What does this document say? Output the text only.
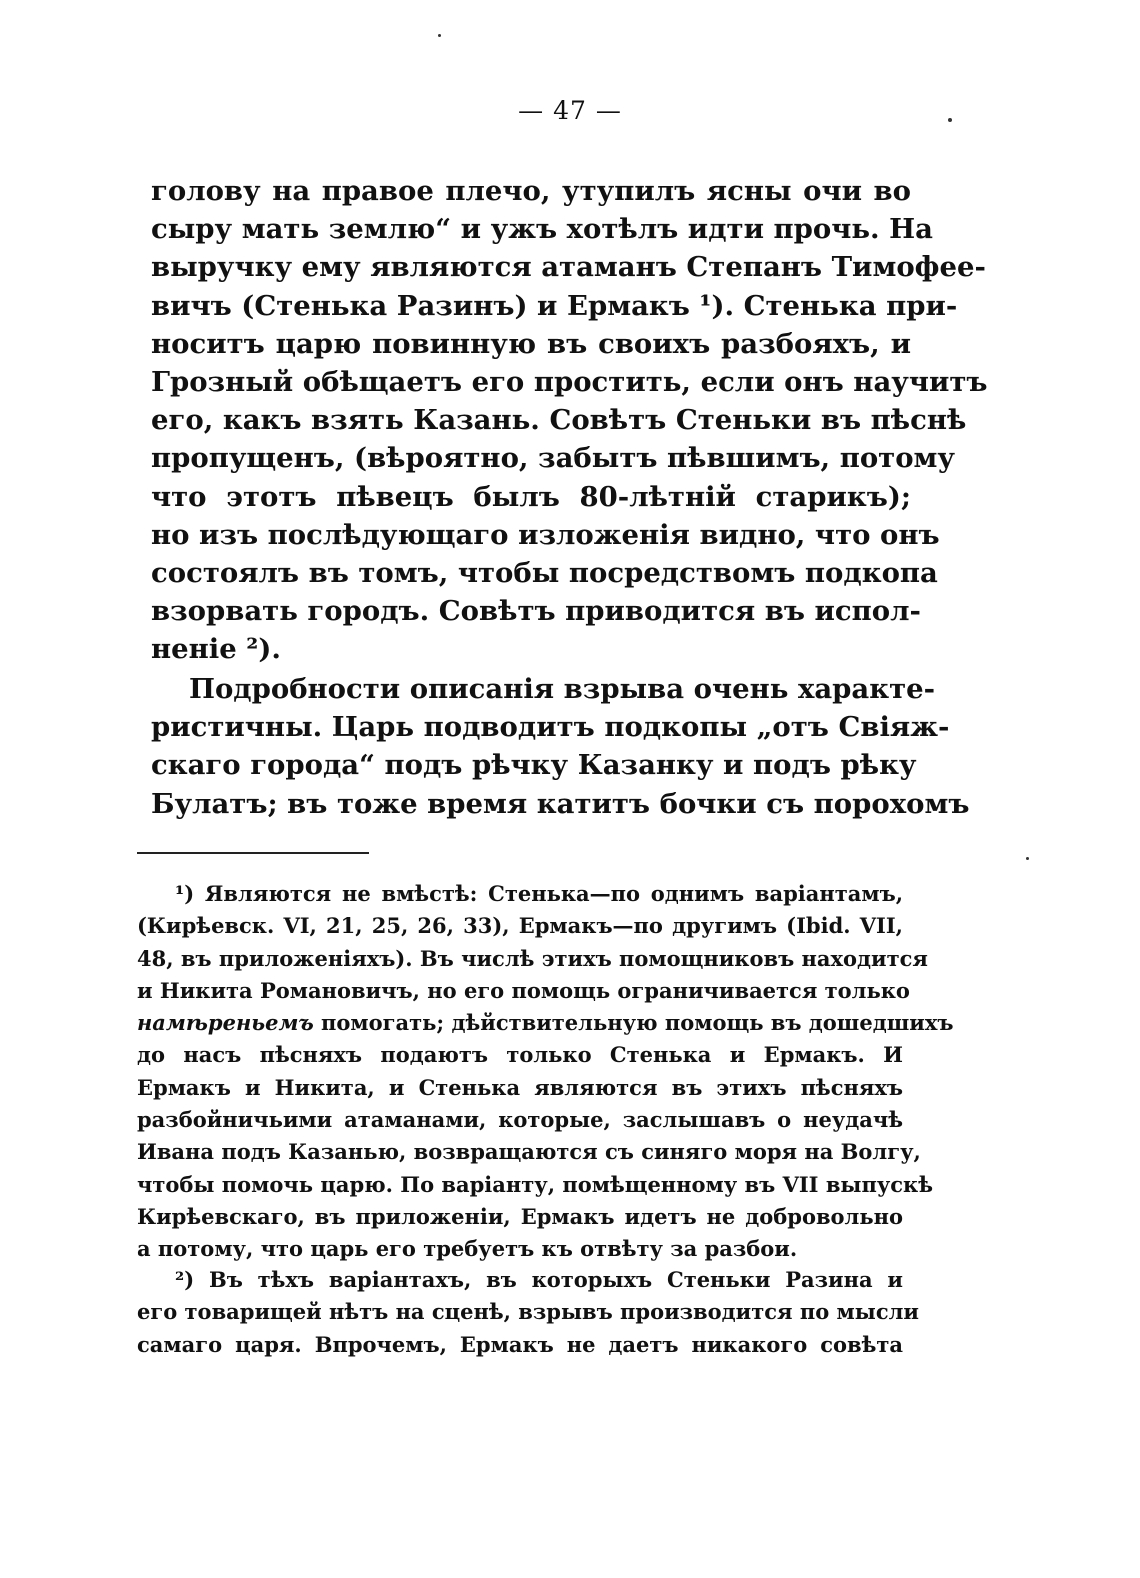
— 47 —
голову на правое плечо, утупилъ ясны очи во
сыру мать землю“ и ужъ хотѣлъ идти прочь. На
выручку ему являются атаманъ Степанъ Тимофее-
вичъ (Стенька Разинъ) и Ермакъ ¹). Стенька при-
носитъ царю повинную въ своихъ разбояхъ, и
Грозный обѣщаетъ его простить, если онъ научитъ
его, какъ взять Казань. Совѣтъ Стеньки въ пѣснѣ
пропущенъ, (вѣроятно, забытъ пѣвшимъ, потому
что этотъ пѣвецъ былъ 80-лѣтній старикъ);
но изъ послѣдующаго изложенія видно, что онъ
состоялъ въ томъ, чтобы посредствомъ подкопа
взорвать городъ. Совѣтъ приводится въ испол-
неніе ²).
Подробности описанія взрыва очень характе-
ристичны. Царь подводитъ подкопы „отъ Свіяж-
скаго города“ подъ рѣчку Казанку и подъ рѣку
Булатъ; въ тоже время катитъ бочки съ порохомъ
¹) Являются не вмѣстѣ: Стенька—по однимъ варіантамъ,
(Кирѣевск. VI, 21, 25, 26, 33), Ермакъ—по другимъ (Ibid. VII,
48, въ приложеніяхъ). Въ числѣ этихъ помощниковъ находится
и Никита Романовичъ, но его помощь ограничивается только
намѣреньемъ помогать; дѣйствительную помощь въ дошедшихъ
до насъ пѣсняхъ подаютъ только Стенька и Ермакъ. И
Ермакъ и Никита, и Стенька являются въ этихъ пѣсняхъ
разбойничьими атаманами, которые, заслышавъ о неудачѣ
Ивана подъ Казанью, возвращаются съ синяго моря на Волгу,
чтобы помочь царю. По варіанту, помѣщенному въ VII выпускѣ
Кирѣевскаго, въ приложеніи, Ермакъ идетъ не добровольно
а потому, что царь его требуетъ къ отвѣту за разбои.
²) Въ тѣхъ варіантахъ, въ которыхъ Стеньки Разина и
его товарищей нѣтъ на сценѣ, взрывъ производится по мысли
самаго царя. Впрочемъ, Ермакъ не даетъ никакого совѣта
